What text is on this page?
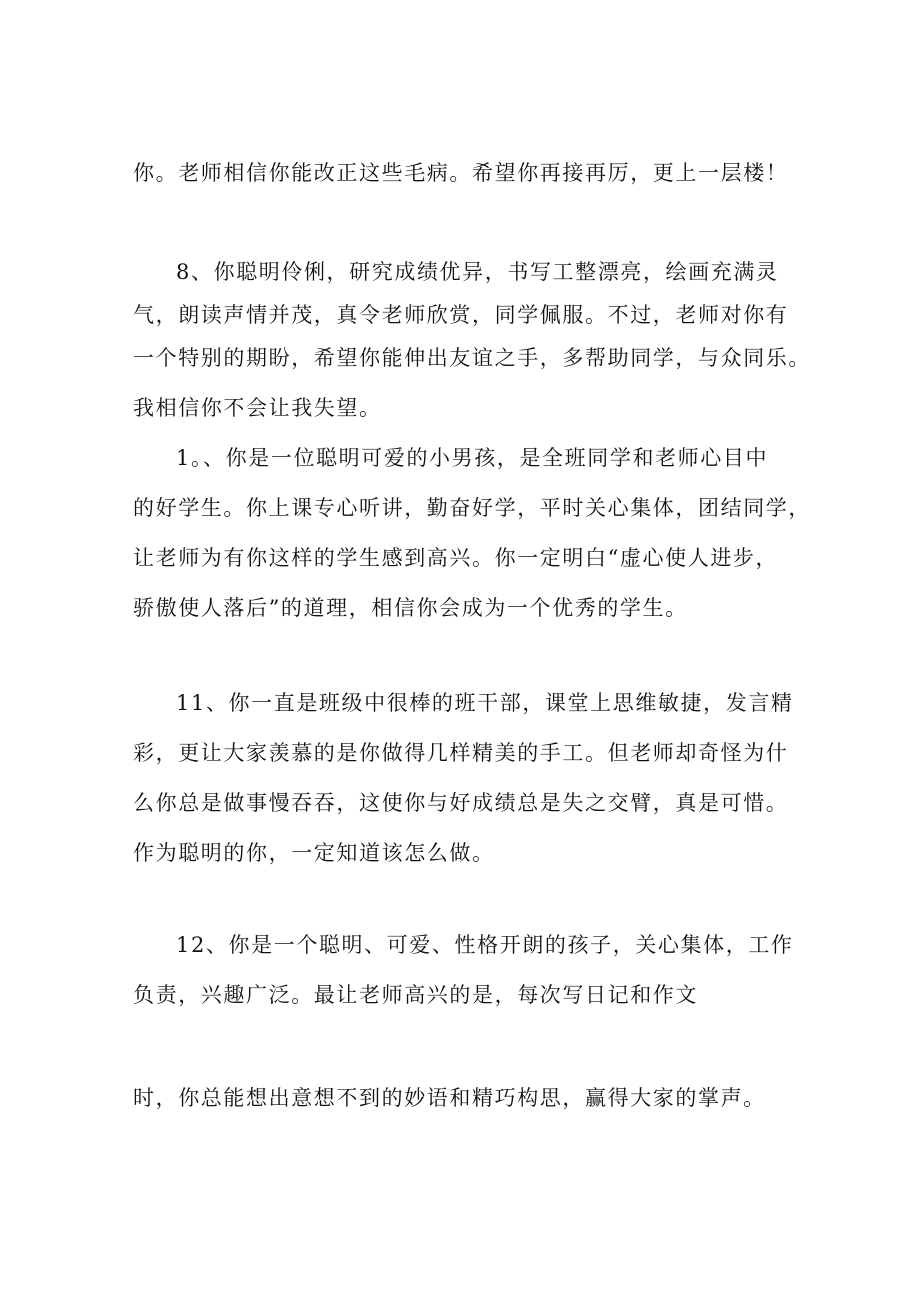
你。老师相信你能改正这些毛病。希望你再接再厉，更上一层楼！
8、你聪明伶俐，研究成绩优异，书写工整漂亮，绘画充满灵
气，朗读声情并茂，真令老师欣赏，同学佩服。不过，老师对你有
一个特别的期盼，希望你能伸出友谊之手，多帮助同学，与众同乐。
我相信你不会让我失望。
1。、你是一位聪明可爱的小男孩，是全班同学和老师心目中
的好学生。你上课专心听讲，勤奋好学，平时关心集体，团结同学，
让老师为有你这样的学生感到高兴。你一定明白“虚心使人进步，
骄傲使人落后”的道理，相信你会成为一个优秀的学生。
11、你一直是班级中很棒的班干部，课堂上思维敏捷，发言精
彩，更让大家羡慕的是你做得几样精美的手工。但老师却奇怪为什
么你总是做事慢吞吞，这使你与好成绩总是失之交臂，真是可惜。
作为聪明的你，一定知道该怎么做。
12、你是一个聪明、可爱、性格开朗的孩子，关心集体，工作
负责，兴趣广泛。最让老师高兴的是，每次写日记和作文
时，你总能想出意想不到的妙语和精巧构思，赢得大家的掌声。
